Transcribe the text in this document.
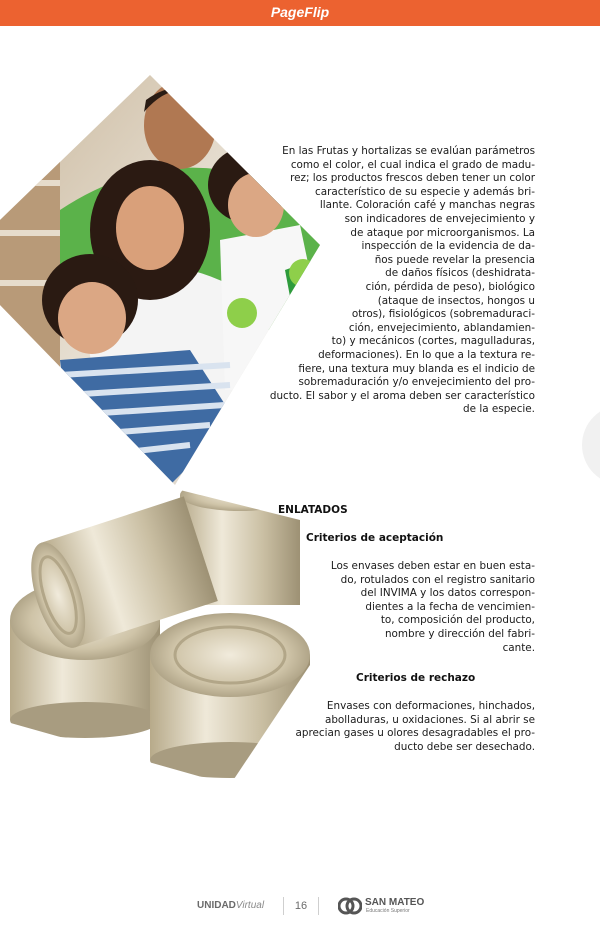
PageFlip

En las Frutas y hortalizas se evalúan parámetros
como el color, el cual indica el grado de madu-
rez; los productos frescos deben tener un color
característico de su especie y además bri-
llante. Coloración café y manchas negras
son indicadores de envejecimiento y
de ataque por microorganismos. La
inspección de la evidencia de da-
ños puede revelar la presencia
de daños físicos (deshidrata-
ción, pérdida de peso), biológico
(ataque de insectos, hongos u
otros), fisiológicos (sobremaduraci-
ción, envejecimiento, ablandamien-
to) y mecánicos (cortes, magulladuras,
deformaciones). En lo que a la textura re-
fiere, una textura muy blanda es el indicio de
sobremaduración y/o envejecimiento del pro-
ducto. El sabor y el aroma deben ser característico
de la especie.

ENLATADOS
Criterios de aceptación

Los envases deben estar en buen esta-
do, rotulados con el registro sanitario
del INVIMA y los datos correspon-
dientes a la fecha de vencimien-
to, composición del producto,
nombre y dirección del fabri-
cante.

Criterios de rechazo

Envases con deformaciones, hinchados,
abolladuras, u oxidaciones. Si al abrir se
aprecian gases u olores desagradables el pro-
ducto debe ser desechado.

UNIDADVirtual	16	SAN MATEO
Educación Superior
